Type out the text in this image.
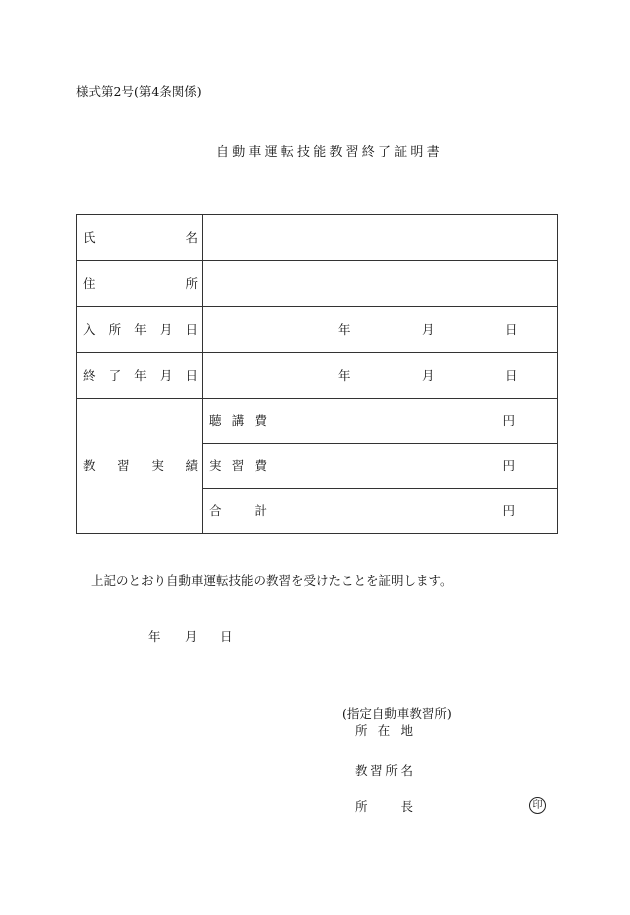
様式第2号(第4条関係)
自動車運転技能教習終了証明書
氏 名	

住 所	

入 所 年 月 日	年 月 日

終 了 年 月 日	年 月 日

教 習 実 績	聴 講 費 円

	実 習 費 円

	合 計 円
上記のとおり自動車運転技能の教習を受けたことを証明します。
年 月 日
(指定自動車教習所)
所 在 地
教 習 所 名
所	長	印
